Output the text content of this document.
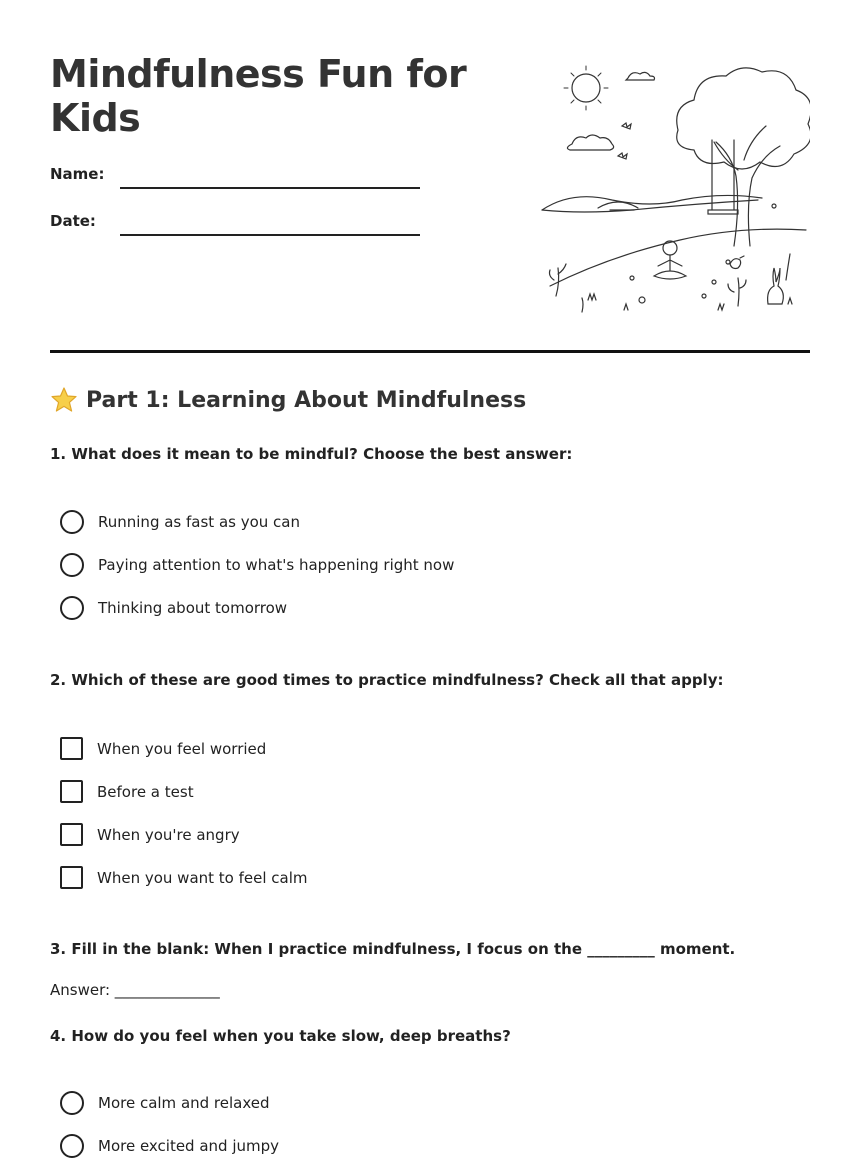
Mindfulness Fun for Kids
Name:
Date:
Part 1: Learning About Mindfulness
1. What does it mean to be mindful? Choose the best answer:
Running as fast as you can
Paying attention to what's happening right now
Thinking about tomorrow
2. Which of these are good times to practice mindfulness? Check all that apply:
When you feel worried
Before a test
When you're angry
When you want to feel calm
3. Fill in the blank: When I practice mindfulness, I focus on the _________ moment.
Answer: ______________
4. How do you feel when you take slow, deep breaths?
More calm and relaxed
More excited and jumpy
